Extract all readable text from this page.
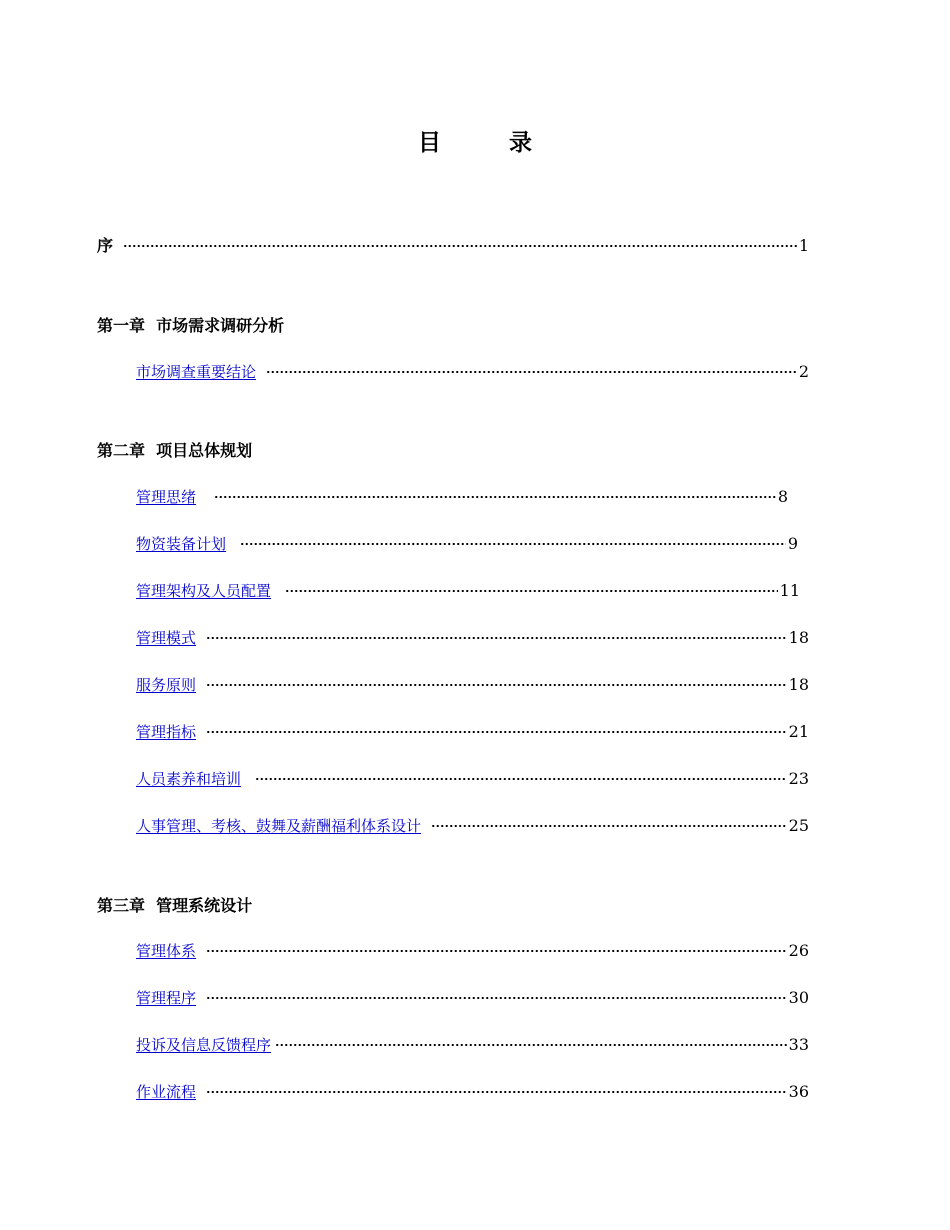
目 录
序	1
第一章  市场需求调研分析
市场调查重要结论	2
第二章  项目总体规划
管理思绪	8
物资装备计划	9
管理架构及人员配置	11
管理模式	18
服务原则	18
管理指标	21
人员素养和培训	23
人事管理、考核、鼓舞及薪酬福利体系设计	25
第三章  管理系统设计
管理体系	26
管理程序	30
投诉及信息反馈程序	33
作业流程	36
